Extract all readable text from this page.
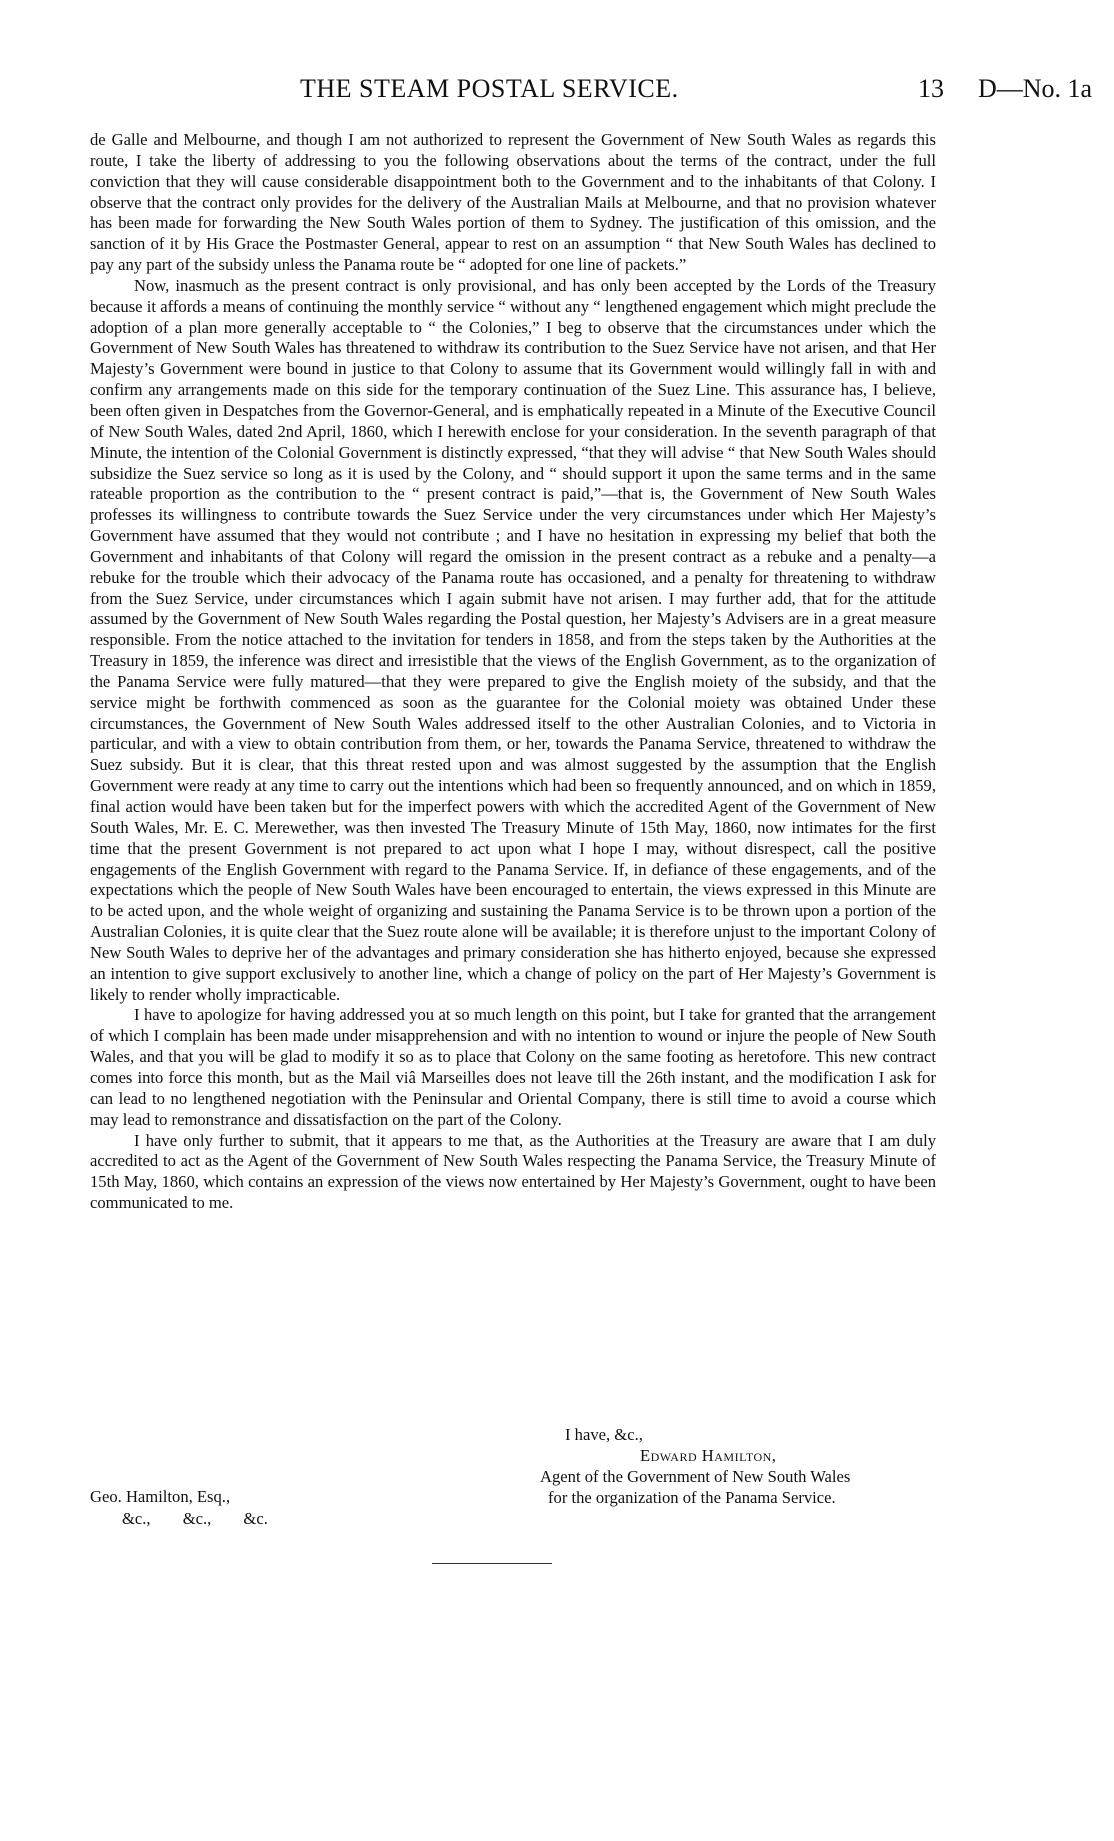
THE STEAM POSTAL SERVICE.	13 D—No. 1a

de Galle and Melbourne, and though I am not authorized to represent the Government of New South Wales as regards this route, I take the liberty of addressing to you the following observations about the terms of the contract, under the full conviction that they will cause considerable disappointment both to the Government and to the inhabitants of that Colony. I observe that the contract only provides for the delivery of the Australian Mails at Melbourne, and that no provision whatever has been made for forwarding the New South Wales portion of them to Sydney. The justification of this omission, and the sanction of it by His Grace the Postmaster General, appear to rest on an assumption “ that New South Wales has declined to pay any part of the subsidy unless the Panama route be “ adopted for one line of packets.”

Now, inasmuch as the present contract is only provisional, and has only been accepted by the Lords of the Treasury because it affords a means of continuing the monthly service “ without any “ lengthened engagement which might preclude the adoption of a plan more generally acceptable to “ the Colonies,” I beg to observe that the circumstances under which the Government of New South Wales has threatened to withdraw its contribution to the Suez Service have not arisen, and that Her Majesty’s Government were bound in justice to that Colony to assume that its Government would willingly fall in with and confirm any arrangements made on this side for the temporary continuation of the Suez Line. This assurance has, I believe, been often given in Despatches from the Governor-General, and is emphatically repeated in a Minute of the Executive Council of New South Wales, dated 2nd April, 1860, which I herewith enclose for your consideration. In the seventh paragraph of that Minute, the intention of the Colonial Government is distinctly expressed, “that they will advise “ that New South Wales should subsidize the Suez service so long as it is used by the Colony, and “ should support it upon the same terms and in the same rateable proportion as the contribution to the “ present contract is paid,”—that is, the Government of New South Wales professes its willingness to contribute towards the Suez Service under the very circumstances under which Her Majesty’s Government have assumed that they would not contribute ; and I have no hesitation in expressing my belief that both the Government and inhabitants of that Colony will regard the omission in the present contract as a rebuke and a penalty—a rebuke for the trouble which their advocacy of the Panama route has occasioned, and a penalty for threatening to withdraw from the Suez Service, under circumstances which I again submit have not arisen. I may further add, that for the attitude assumed by the Government of New South Wales regarding the Postal question, her Majesty’s Advisers are in a great measure responsible. From the notice attached to the invitation for tenders in 1858, and from the steps taken by the Authorities at the Treasury in 1859, the inference was direct and irresistible that the views of the English Government, as to the organization of the Panama Service were fully matured—that they were prepared to give the English moiety of the subsidy, and that the service might be forthwith commenced as soon as the guarantee for the Colonial moiety was obtained Under these circumstances, the Government of New South Wales addressed itself to the other Australian Colonies, and to Victoria in particular, and with a view to obtain contribution from them, or her, towards the Panama Service, threatened to withdraw the Suez subsidy. But it is clear, that this threat rested upon and was almost suggested by the assumption that the English Government were ready at any time to carry out the intentions which had been so frequently announced, and on which in 1859, final action would have been taken but for the imperfect powers with which the accredited Agent of the Government of New South Wales, Mr. E. C. Merewether, was then invested The Treasury Minute of 15th May, 1860, now intimates for the first time that the present Government is not prepared to act upon what I hope I may, without disrespect, call the positive engagements of the English Government with regard to the Panama Service. If, in defiance of these engagements, and of the expectations which the people of New South Wales have been encouraged to entertain, the views expressed in this Minute are to be acted upon, and the whole weight of organizing and sustaining the Panama Service is to be thrown upon a portion of the Australian Colonies, it is quite clear that the Suez route alone will be available; it is therefore unjust to the important Colony of New South Wales to deprive her of the advantages and primary consideration she has hitherto enjoyed, because she expressed an intention to give support exclusively to another line, which a change of policy on the part of Her Majesty’s Government is likely to render wholly impracticable.

I have to apologize for having addressed you at so much length on this point, but I take for granted that the arrangement of which I complain has been made under misapprehension and with no intention to wound or injure the people of New South Wales, and that you will be glad to modify it so as to place that Colony on the same footing as heretofore. This new contract comes into force this month, but as the Mail viâ Marseilles does not leave till the 26th instant, and the modification I ask for can lead to no lengthened negotiation with the Peninsular and Oriental Company, there is still time to avoid a course which may lead to remonstrance and dissatisfaction on the part of the Colony.

I have only further to submit, that it appears to me that, as the Authorities at the Treasury are aware that I am duly accredited to act as the Agent of the Government of New South Wales respecting the Panama Service, the Treasury Minute of 15th May, 1860, which contains an expression of the views now entertained by Her Majesty’s Government, ought to have been communicated to me.

I have, &c.,
Edward Hamilton,
Agent of the Government of New South Wales
for the organization of the Panama Service.
Geo. Hamilton, Esq.,
&c., &c., &c.
